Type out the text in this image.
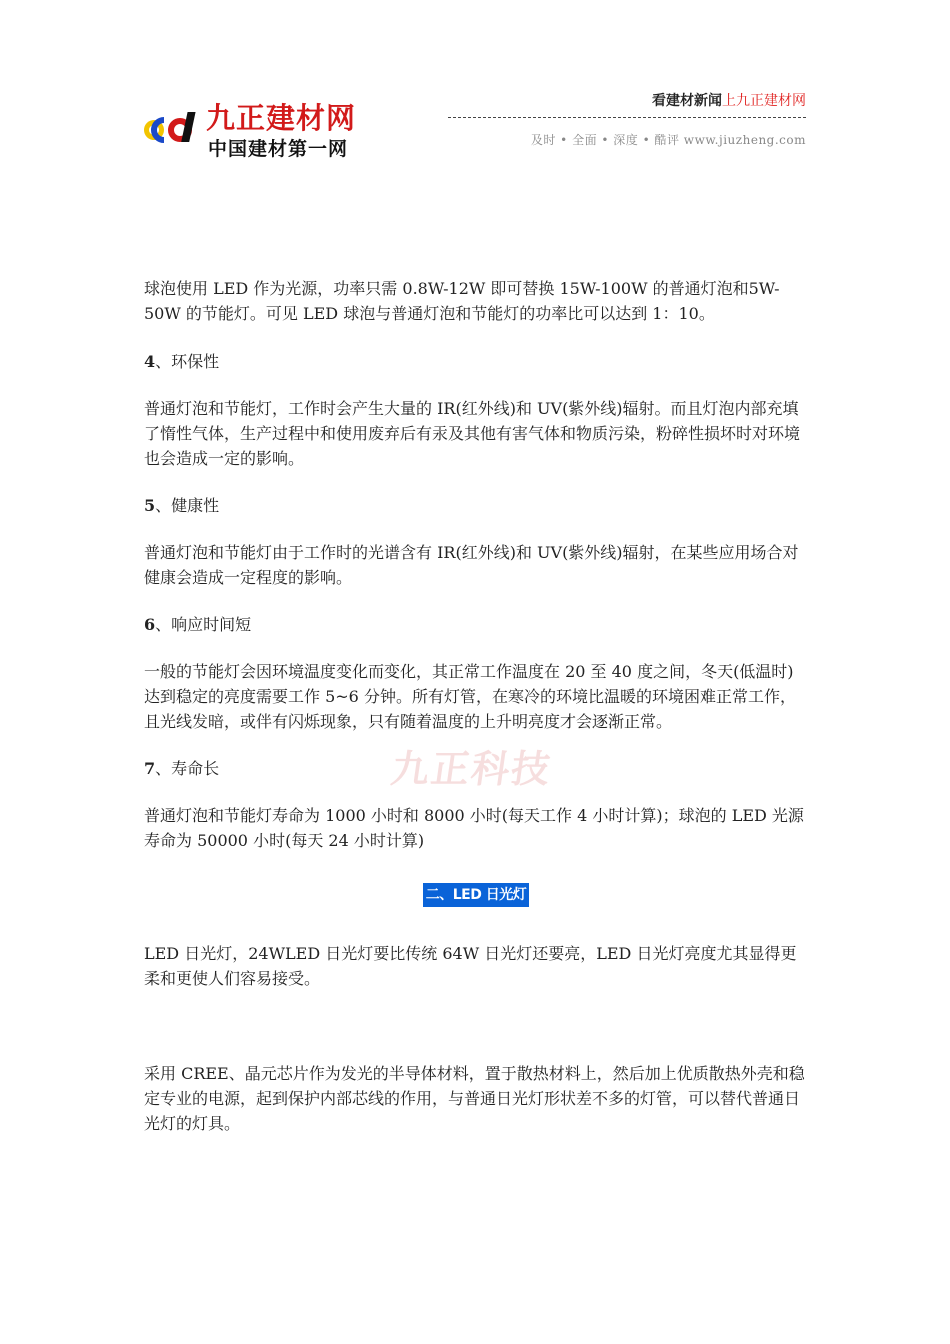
九正建材网
中国建材第一网
看建材新闻上九正建材网
及时 • 全面 • 深度 • 酷评 www.jiuzheng.com
九正科技

球泡使用 LED 作为光源，功率只需 0.8W-12W 即可替换 15W-100W 的普通灯泡和5W-50W 的节能灯。可见 LED 球泡与普通灯泡和节能灯的功率比可以达到 1：10。

4、环保性

普通灯泡和节能灯，工作时会产生大量的 IR(红外线)和 UV(紫外线)辐射。而且灯泡内部充填了惰性气体，生产过程中和使用废弃后有汞及其他有害气体和物质污染，粉碎性损坏时对环境也会造成一定的影响。

5、健康性

普通灯泡和节能灯由于工作时的光谱含有 IR(红外线)和 UV(紫外线)辐射，在某些应用场合对健康会造成一定程度的影响。

6、响应时间短

一般的节能灯会因环境温度变化而变化，其正常工作温度在 20 至 40 度之间，冬天(低温时)达到稳定的亮度需要工作 5~6 分钟。所有灯管，在寒冷的环境比温暖的环境困难正常工作，且光线发暗，或伴有闪烁现象，只有随着温度的上升明亮度才会逐渐正常。

7、寿命长

普通灯泡和节能灯寿命为 1000 小时和 8000 小时(每天工作 4 小时计算)；球泡的 LED 光源寿命为 50000 小时(每天 24 小时计算)

二、LED 日光灯

LED 日光灯，24WLED 日光灯要比传统 64W 日光灯还要亮，LED 日光灯亮度尤其显得更柔和更使人们容易接受。

采用 CREE、晶元芯片作为发光的半导体材料，置于散热材料上，然后加上优质散热外壳和稳定专业的电源，起到保护内部芯线的作用，与普通日光灯形状差不多的灯管，可以替代普通日光灯的灯具。
